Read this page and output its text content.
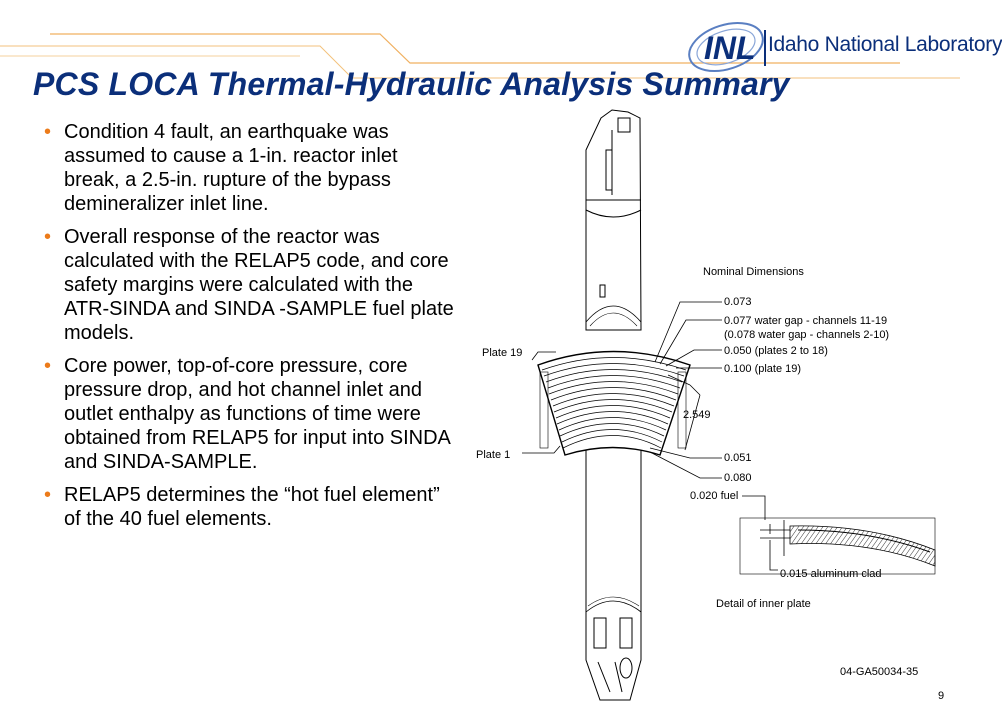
INL Idaho National Laboratory
PCS LOCA Thermal-Hydraulic Analysis Summary
• Condition 4 fault, an earthquake was assumed to cause a 1-in. reactor inlet break, a 2.5-in. rupture of the bypass demineralizer inlet line.
• Overall response of the reactor was calculated with the RELAP5 code, and core safety margins were calculated with the ATR-SINDA and SINDA -SAMPLE fuel plate models.
• Core power, top-of-core pressure, core pressure drop, and hot channel inlet and outlet enthalpy as functions of time were obtained from RELAP5 for input into SINDA and SINDA-SAMPLE.
• RELAP5 determines the “hot fuel element” of the 40 fuel elements.
Nominal Dimensions
0.073
0.077 water gap - channels 11-19
(0.078 water gap - channels 2-10)
0.050 (plates 2 to 18)
0.100 (plate 19)
2.549
0.051
0.080
0.020 fuel
0.015 aluminum clad
Plate 19
Plate 1
Detail of inner plate
04-GA50034-35
9
